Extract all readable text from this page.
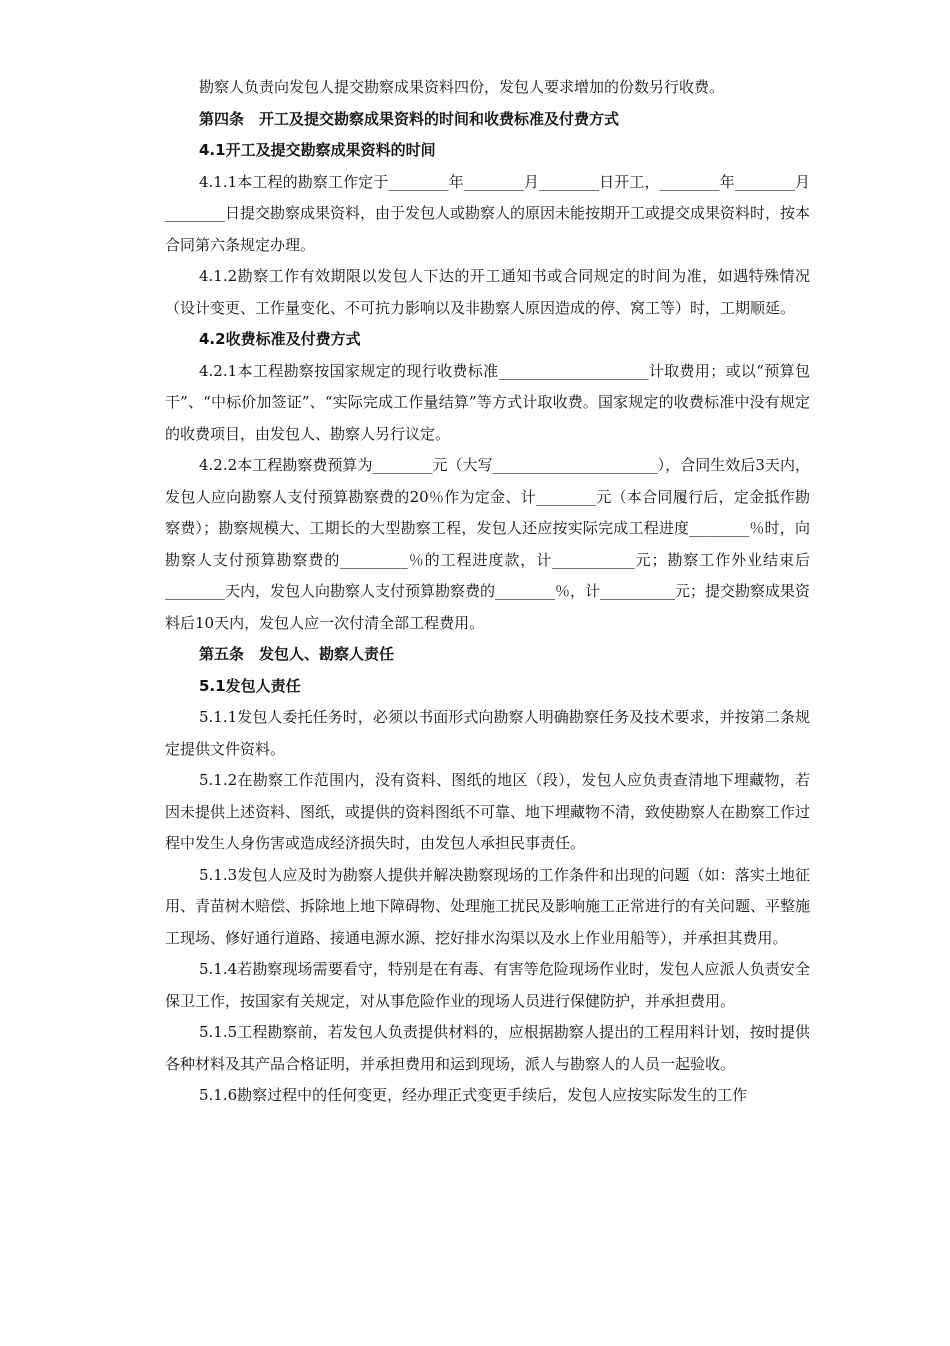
勘察人负责向发包人提交勘察成果资料四份，发包人要求增加的份数另行收费。

第四条　开工及提交勘察成果资料的时间和收费标准及付费方式

4.1开工及提交勘察成果资料的时间

4.1.1本工程的勘察工作定于________年________月________日开工，________年________月________日提交勘察成果资料，由于发包人或勘察人的原因未能按期开工或提交成果资料时，按本合同第六条规定办理。

4.1.2勘察工作有效期限以发包人下达的开工通知书或合同规定的时间为准，如遇特殊情况（设计变更、工作量变化、不可抗力影响以及非勘察人原因造成的停、窝工等）时，工期顺延。

4.2收费标准及付费方式

4.2.1本工程勘察按国家规定的现行收费标准____________________计取费用；或以“预算包干”、“中标价加签证”、“实际完成工作量结算”等方式计取收费。国家规定的收费标准中没有规定的收费项目，由发包人、勘察人另行议定。

4.2.2本工程勘察费预算为________元（大写______________________），合同生效后3天内，发包人应向勘察人支付预算勘察费的20％作为定金、计________元（本合同履行后，定金抵作勘察费）；勘察规模大、工期长的大型勘察工程，发包人还应按实际完成工程进度________％时，向勘察人支付预算勘察费的_________％的工程进度款，计___________元；勘察工作外业结束后________天内，发包人向勘察人支付预算勘察费的________％，计__________元；提交勘察成果资料后10天内，发包人应一次付清全部工程费用。

第五条　发包人、勘察人责任

5.1发包人责任

5.1.1发包人委托任务时，必须以书面形式向勘察人明确勘察任务及技术要求，并按第二条规定提供文件资料。

5.1.2在勘察工作范围内，没有资料、图纸的地区（段），发包人应负责查清地下埋藏物，若因未提供上述资料、图纸，或提供的资料图纸不可靠、地下埋藏物不清，致使勘察人在勘察工作过程中发生人身伤害或造成经济损失时，由发包人承担民事责任。

5.1.3发包人应及时为勘察人提供并解决勘察现场的工作条件和出现的问题（如：落实土地征用、青苗树木赔偿、拆除地上地下障碍物、处理施工扰民及影响施工正常进行的有关问题、平整施工现场、修好通行道路、接通电源水源、挖好排水沟渠以及水上作业用船等），并承担其费用。

5.1.4若勘察现场需要看守，特别是在有毒、有害等危险现场作业时，发包人应派人负责安全保卫工作，按国家有关规定，对从事危险作业的现场人员进行保健防护，并承担费用。

5.1.5工程勘察前，若发包人负责提供材料的，应根据勘察人提出的工程用料计划，按时提供各种材料及其产品合格证明，并承担费用和运到现场，派人与勘察人的人员一起验收。

5.1.6勘察过程中的任何变更，经办理正式变更手续后，发包人应按实际发生的工作
